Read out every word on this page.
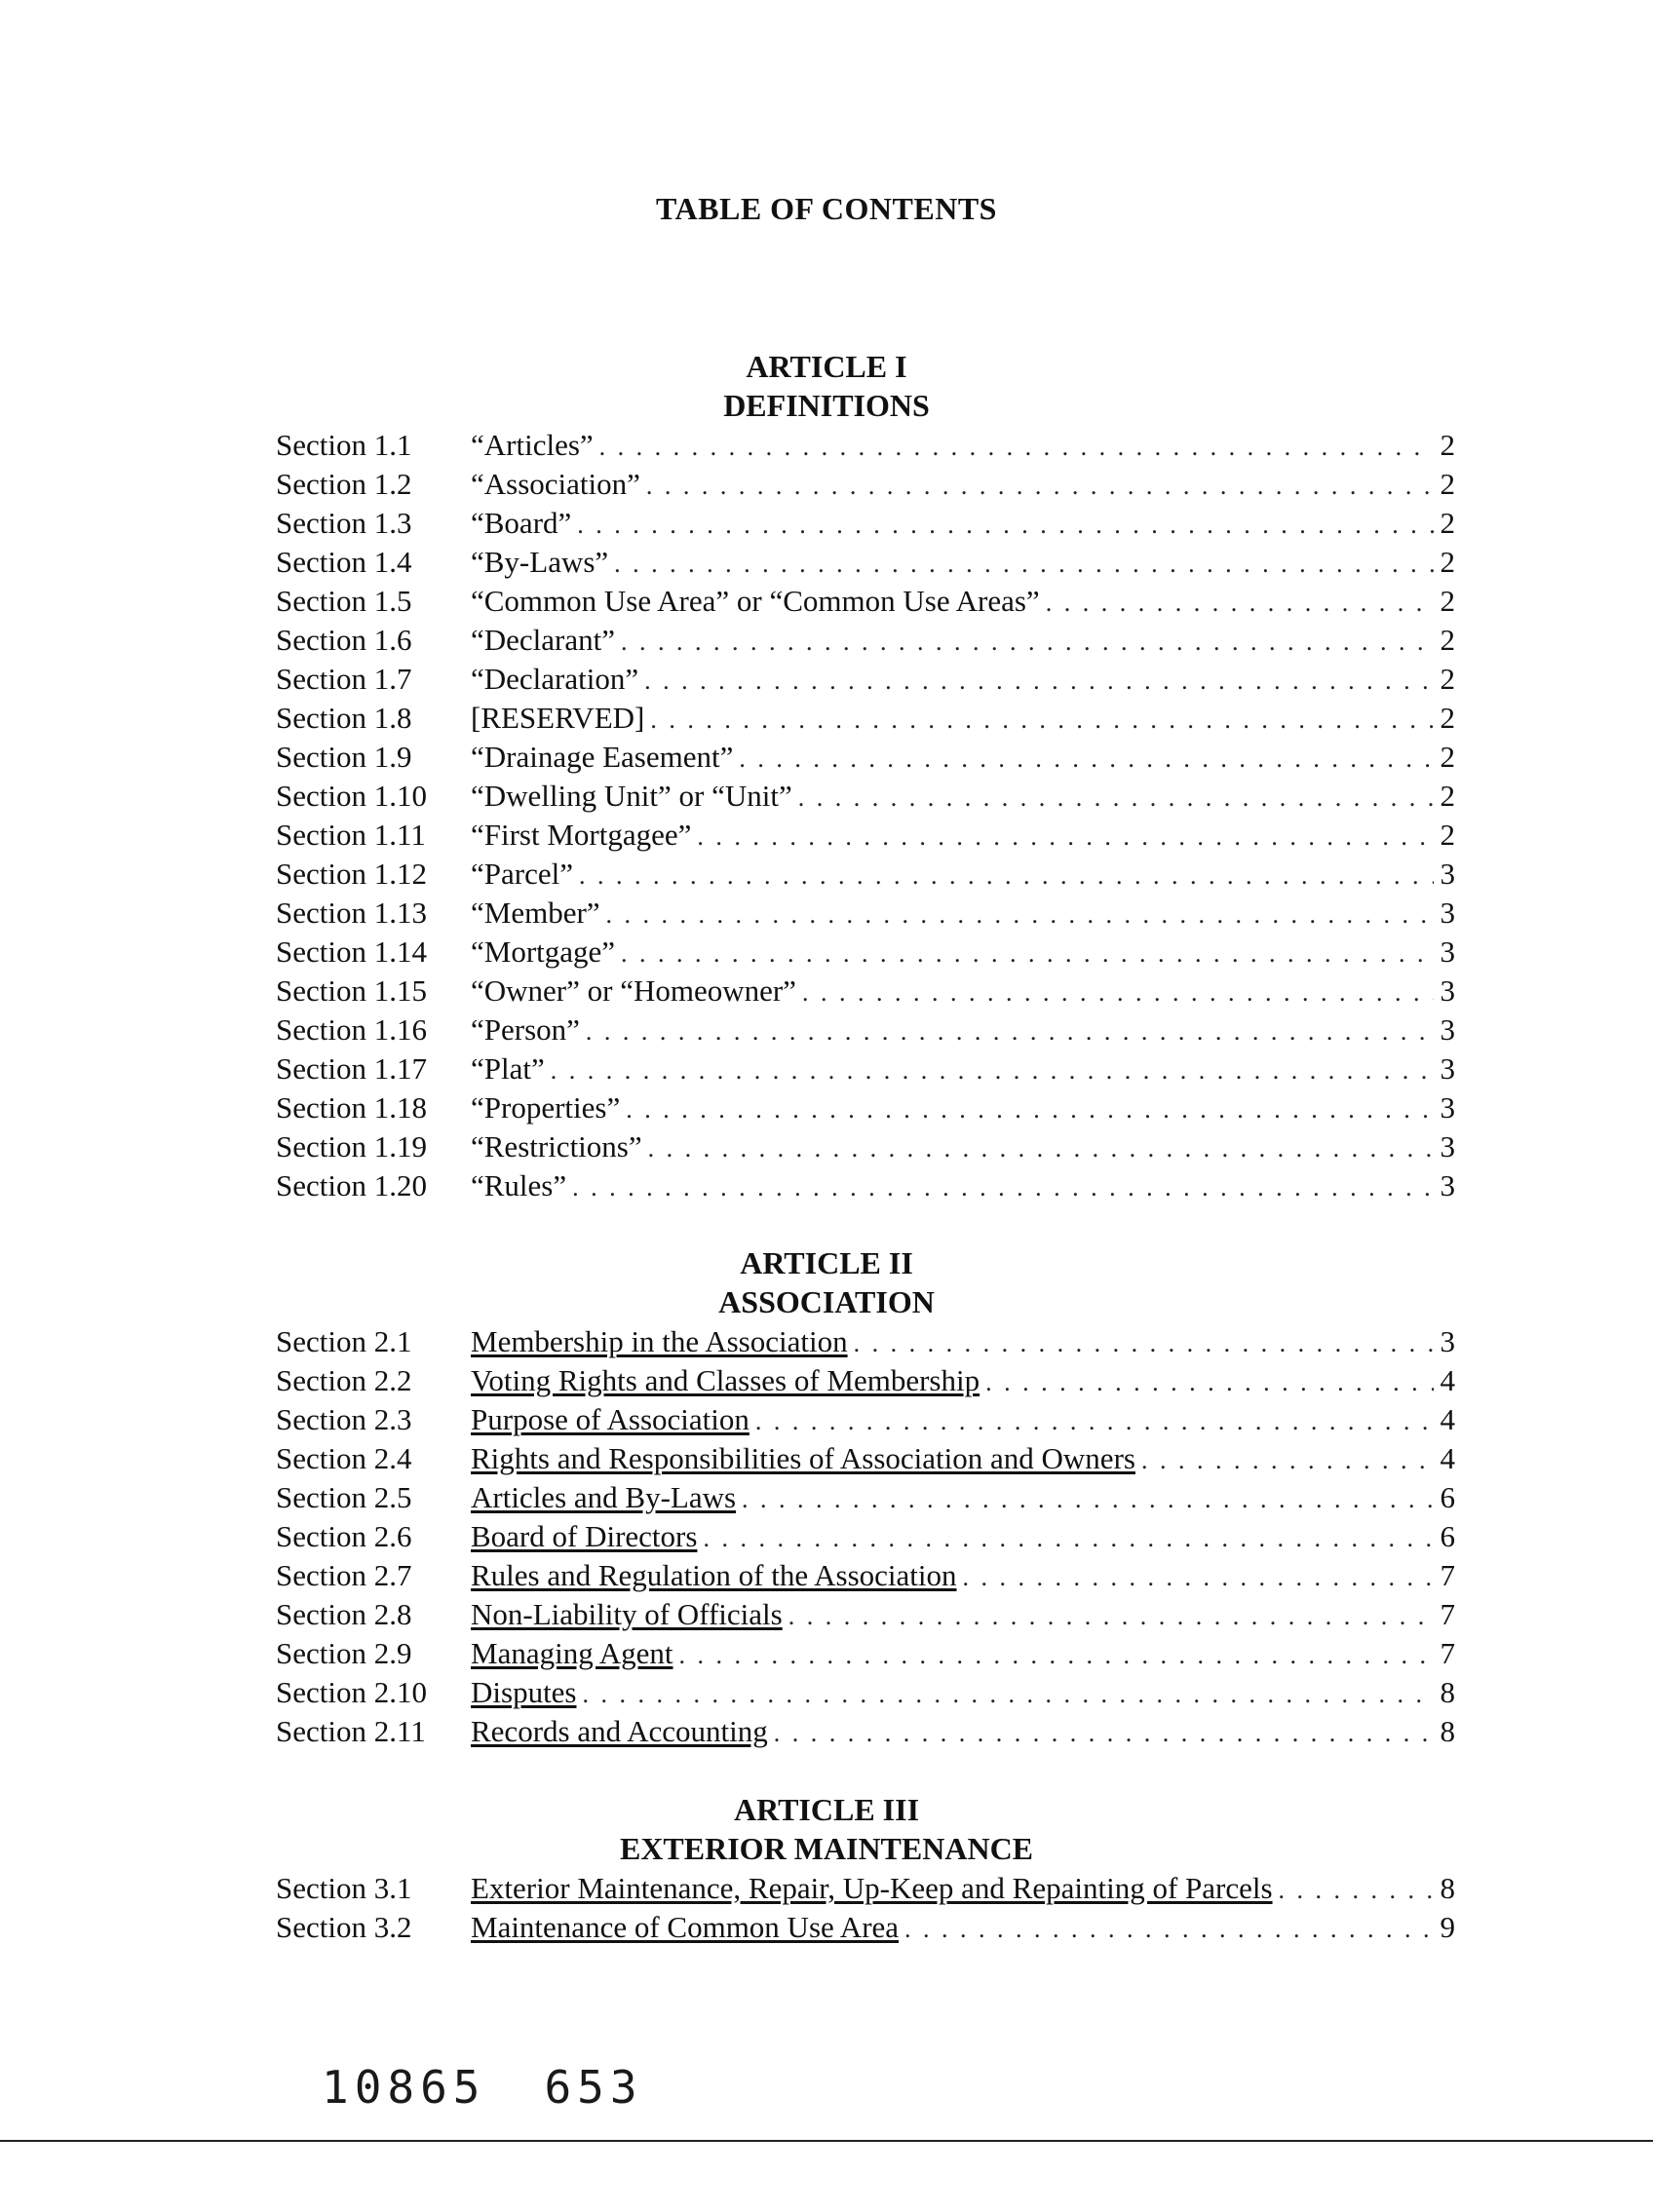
TABLE OF CONTENTS
ARTICLE I
DEFINITIONS
Section 1.1	“Articles” . . .	2
Section 1.2	“Association” . . .	2
Section 1.3	“Board” . . .	2
Section 1.4	“By-Laws” . . .	2
Section 1.5	“Common Use Area” or “Common Use Areas” . . .	2
Section 1.6	“Declarant” . . .	2
Section 1.7	“Declaration” . . .	2
Section 1.8	[RESERVED] . . .	2
Section 1.9	“Drainage Easement” . . .	2
Section 1.10	“Dwelling Unit” or “Unit” . . .	2
Section 1.11	“First Mortgagee” . . .	2
Section 1.12	“Parcel” . . .	3
Section 1.13	“Member” . . .	3
Section 1.14	“Mortgage” . . .	3
Section 1.15	“Owner” or “Homeowner” . . .	3
Section 1.16	“Person” . . .	3
Section 1.17	“Plat” . . .	3
Section 1.18	“Properties” . . .	3
Section 1.19	“Restrictions” . . .	3
Section 1.20	“Rules” . . .	3
ARTICLE II
ASSOCIATION
Section 2.1	Membership in the Association . . .	3
Section 2.2	Voting Rights and Classes of Membership . . .	4
Section 2.3	Purpose of Association . . .	4
Section 2.4	Rights and Responsibilities of Association and Owners . . .	4
Section 2.5	Articles and By-Laws . . .	6
Section 2.6	Board of Directors . . .	6
Section 2.7	Rules and Regulation of the Association . . .	7
Section 2.8	Non-Liability of Officials . . .	7
Section 2.9	Managing Agent . . .	7
Section 2.10	Disputes . . .	8
Section 2.11	Records and Accounting . . .	8
ARTICLE III
EXTERIOR MAINTENANCE
Section 3.1	Exterior Maintenance, Repair, Up-Keep and Repainting of Parcels . . .	8
Section 3.2	Maintenance of Common Use Area . . .	9
10865 653
